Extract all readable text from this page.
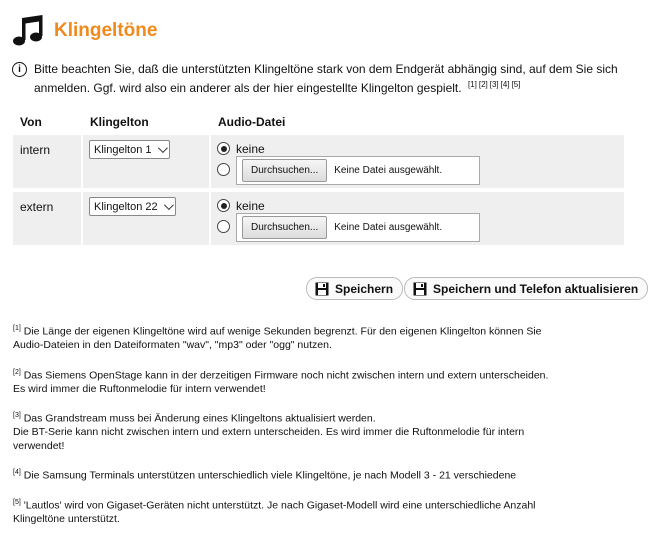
Klingeltöne
i	Bitte beachten Sie, daß die unterstützten Klingeltöne stark von dem Endgerät abhängig sind, auf dem Sie sich anmelden. Ggf. wird also ein anderer als der hier eingestellte Klingelton gespielt. [1] [2] [3] [4] [5]
Von	Klingelton	Audio-Datei
intern	Klingelton 1	keine
Durchsuchen... Keine Datei ausgewählt.

extern	Klingelton 22	keine
Durchsuchen... Keine Datei ausgewählt.
Speichern	Speichern und Telefon aktualisieren

[1] Die Länge der eigenen Klingeltöne wird auf wenige Sekunden begrenzt. Für den eigenen Klingelton können Sie Audio-Dateien in den Dateiformaten "wav", "mp3" oder "ogg" nutzen.

[2] Das Siemens OpenStage kann in der derzeitigen Firmware noch nicht zwischen intern und extern unterscheiden. Es wird immer die Ruftonmelodie für intern verwendet!

[3] Das Grandstream muss bei Änderung eines Klingeltons aktualisiert werden.
Die BT-Serie kann nicht zwischen intern und extern unterscheiden. Es wird immer die Ruftonmelodie für intern verwendet!

[4] Die Samsung Terminals unterstützen unterschiedlich viele Klingeltöne, je nach Modell 3 - 21 verschiedene

[5] 'Lautlos' wird von Gigaset-Geräten nicht unterstützt. Je nach Gigaset-Modell wird eine unterschiedliche Anzahl Klingeltöne unterstützt.
